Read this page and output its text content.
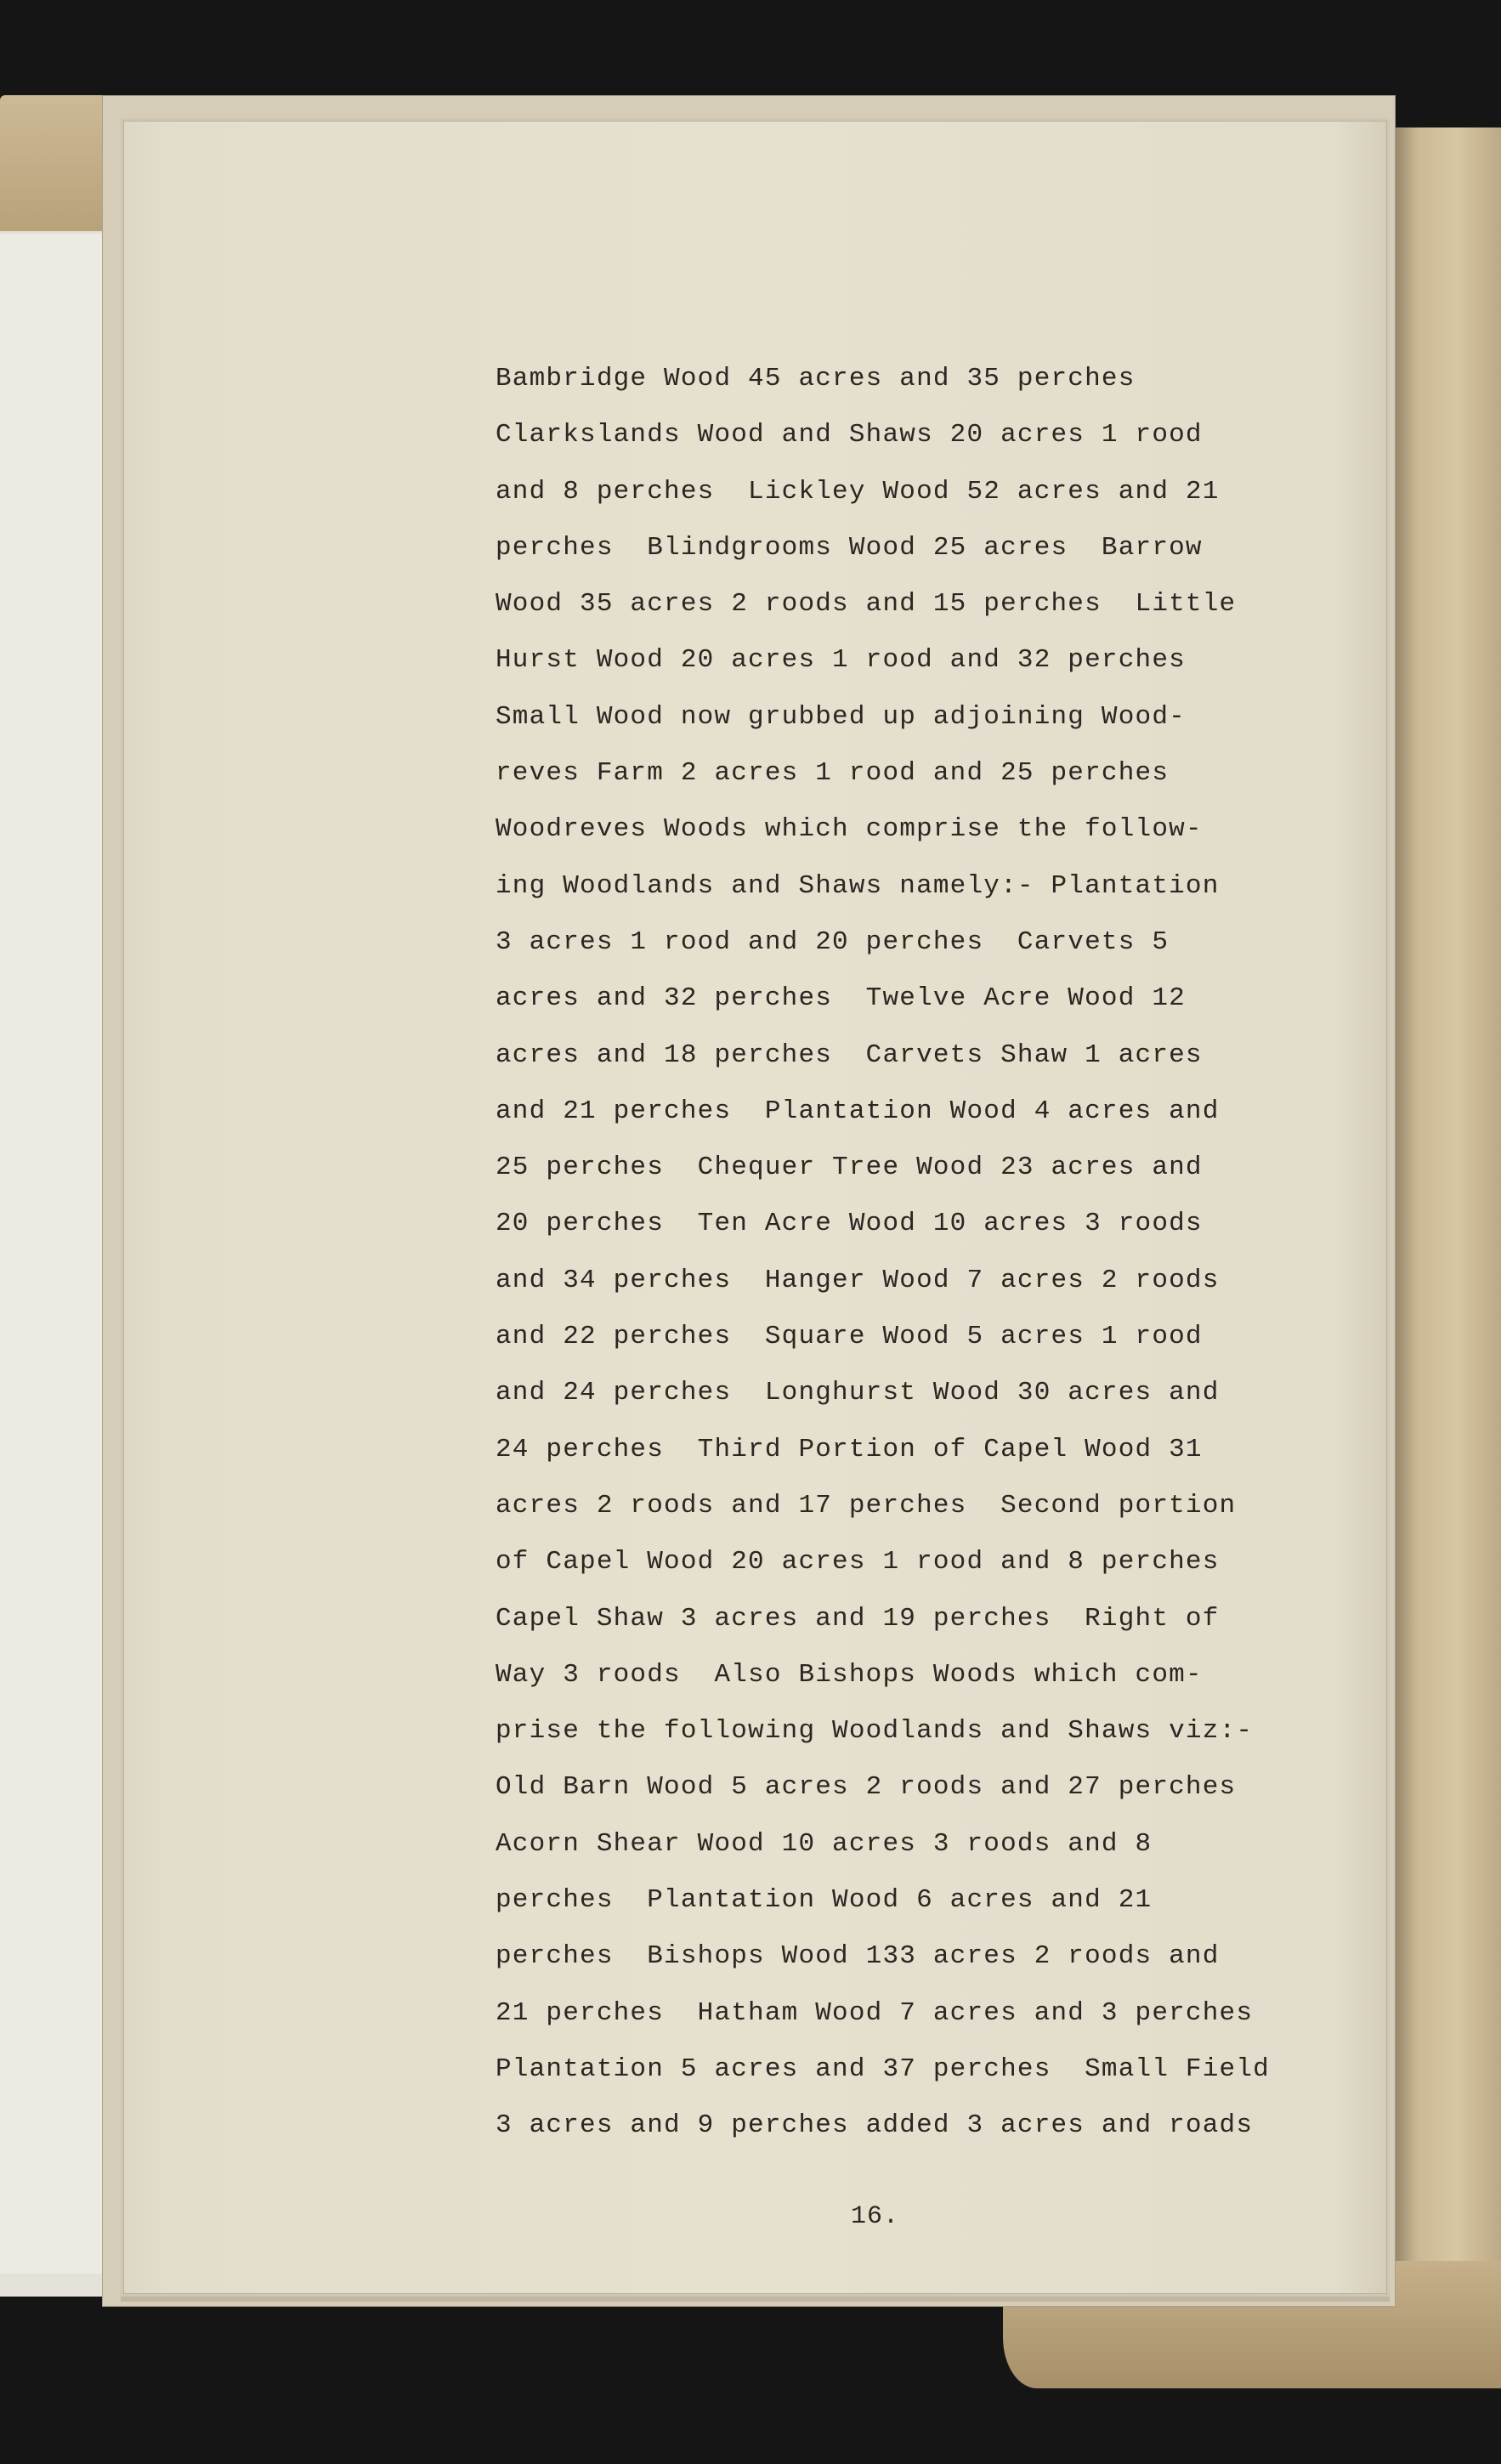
Bambridge Wood 45 acres and 35 perches
Clarkslands Wood and Shaws 20 acres 1 rood
and 8 perches  Lickley Wood 52 acres and 21
perches  Blindgrooms Wood 25 acres  Barrow
Wood 35 acres 2 roods and 15 perches  Little
Hurst Wood 20 acres 1 rood and 32 perches
Small Wood now grubbed up adjoining Wood-
reves Farm 2 acres 1 rood and 25 perches
Woodreves Woods which comprise the follow-
ing Woodlands and Shaws namely:- Plantation
3 acres 1 rood and 20 perches  Carvets 5
acres and 32 perches  Twelve Acre Wood 12
acres and 18 perches  Carvets Shaw 1 acres
and 21 perches  Plantation Wood 4 acres and
25 perches  Chequer Tree Wood 23 acres and
20 perches  Ten Acre Wood 10 acres 3 roods
and 34 perches  Hanger Wood 7 acres 2 roods
and 22 perches  Square Wood 5 acres 1 rood
and 24 perches  Longhurst Wood 30 acres and
24 perches  Third Portion of Capel Wood 31
acres 2 roods and 17 perches  Second portion
of Capel Wood 20 acres 1 rood and 8 perches
Capel Shaw 3 acres and 19 perches  Right of
Way 3 roods  Also Bishops Woods which com-
prise the following Woodlands and Shaws viz:-
Old Barn Wood 5 acres 2 roods and 27 perches
Acorn Shear Wood 10 acres 3 roods and 8
perches  Plantation Wood 6 acres and 21
perches  Bishops Wood 133 acres 2 roods and
21 perches  Hatham Wood 7 acres and 3 perches
Plantation 5 acres and 37 perches  Small Field
3 acres and 9 perches added 3 acres and roads
16.
